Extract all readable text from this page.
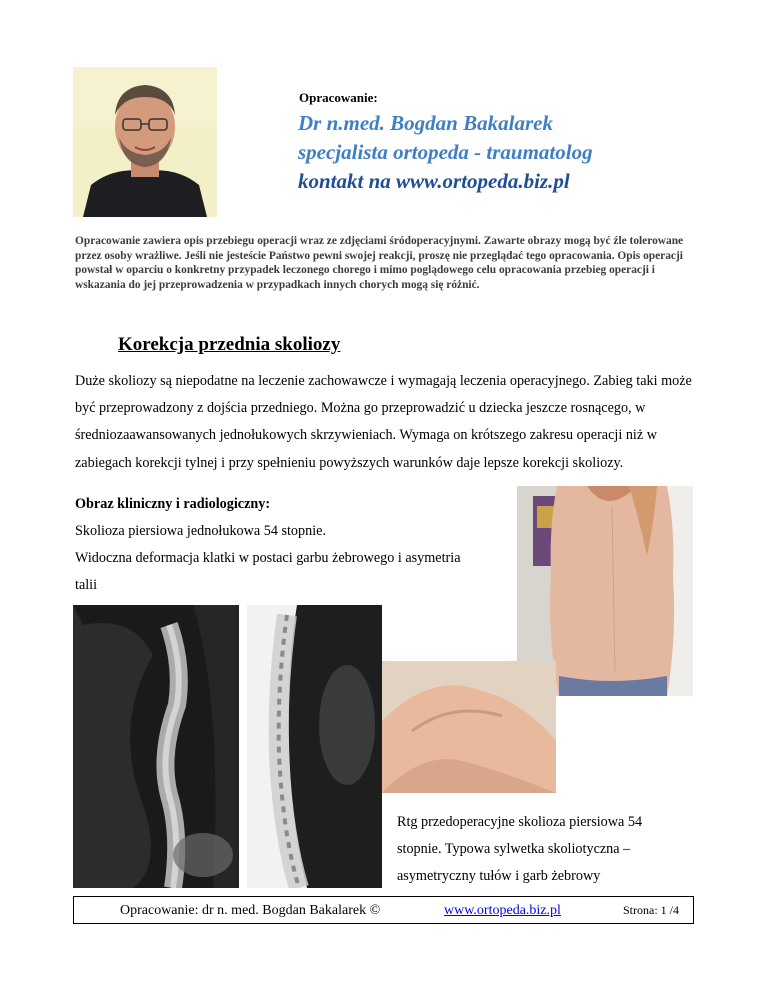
Opracowanie:
Dr n.med. Bogdan Bakalarek
specjalista ortopeda - traumatolog
kontakt na www.ortopeda.biz.pl

Opracowanie zawiera opis przebiegu operacji wraz ze zdjęciami śródoperacyjnymi. Zawarte obrazy mogą być źle tolerowane przez osoby wrażliwe. Jeśli nie jesteście Państwo pewni swojej reakcji, proszę nie przeglądać tego opracowania. Opis operacji powstał w oparciu o konkretny przypadek leczonego chorego i mimo poglądowego celu opracowania przebieg operacji i wskazania do jej przeprowadzenia w przypadkach innych chorych mogą się różnić.

Korekcja przednia skoliozy

Duże skoliozy są niepodatne na leczenie zachowawcze i wymagają leczenia operacyjnego. Zabieg taki może być przeprowadzony z dojścia przedniego. Można go przeprowadzić u dziecka jeszcze rosnącego, w średniozaawansowanych jednołukowych skrzywieniach. Wymaga on krótszego zakresu operacji niż w zabiegach korekcji tylnej i przy spełnieniu powyższych warunków daje lepsze korekcji skoliozy.

Obraz kliniczny i radiologiczny:
Skolioza piersiowa jednołukowa 54 stopnie.
Widoczna deformacja klatki w postaci garbu żebrowego i asymetria
talii
Rtg przedoperacyjne skolioza piersiowa 54
stopnie. Typowa sylwetka skoliotyczna –
asymetryczny tułów i garb żebrowy
Opracowanie: dr n. med. Bogdan Bakalarek ©	www.ortopeda.biz.pl	Strona: 1 /4
